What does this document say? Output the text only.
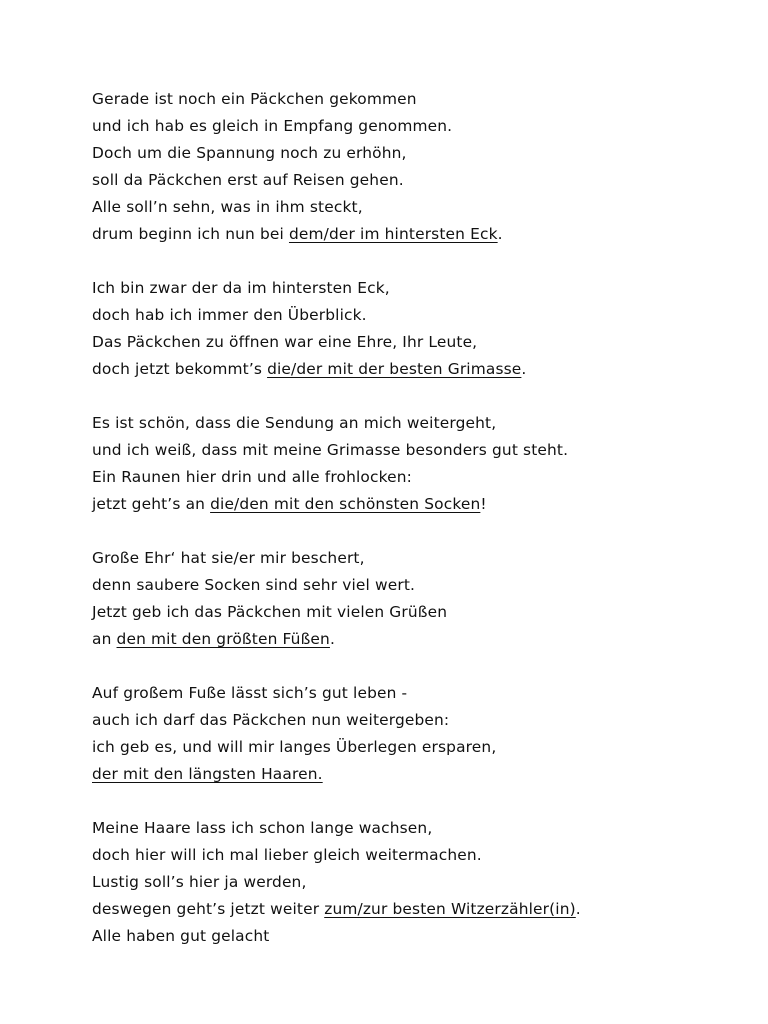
Gerade ist noch ein Päckchen gekommen
und ich hab es gleich in Empfang genommen.
Doch um die Spannung noch zu erhöhn,
soll da Päckchen erst auf Reisen gehen.
Alle soll’n sehn, was in ihm steckt,
drum beginn ich nun bei dem/der im hintersten Eck.
Ich bin zwar der da im hintersten Eck,
doch hab ich immer den Überblick.
Das Päckchen zu öffnen war eine Ehre, Ihr Leute,
doch jetzt bekommt’s die/der mit der besten Grimasse.
Es ist schön, dass die Sendung an mich weitergeht,
und ich weiß, dass mit meine Grimasse besonders gut steht.
Ein Raunen hier drin und alle frohlocken:
jetzt geht’s an die/den mit den schönsten Socken!
Große Ehr‘ hat sie/er mir beschert,
denn saubere Socken sind sehr viel wert.
Jetzt geb ich das Päckchen mit vielen Grüßen
an den mit den größten Füßen.
Auf großem Fuße lässt sich’s gut leben -
auch ich darf das Päckchen nun weitergeben:
ich geb es, und will mir langes Überlegen ersparen,
der mit den längsten Haaren.
Meine Haare lass ich schon lange wachsen,
doch hier will ich mal lieber gleich weitermachen.
Lustig soll’s hier ja werden,
deswegen geht’s jetzt weiter zum/zur besten Witzerzähler(in).
Alle haben gut gelacht
